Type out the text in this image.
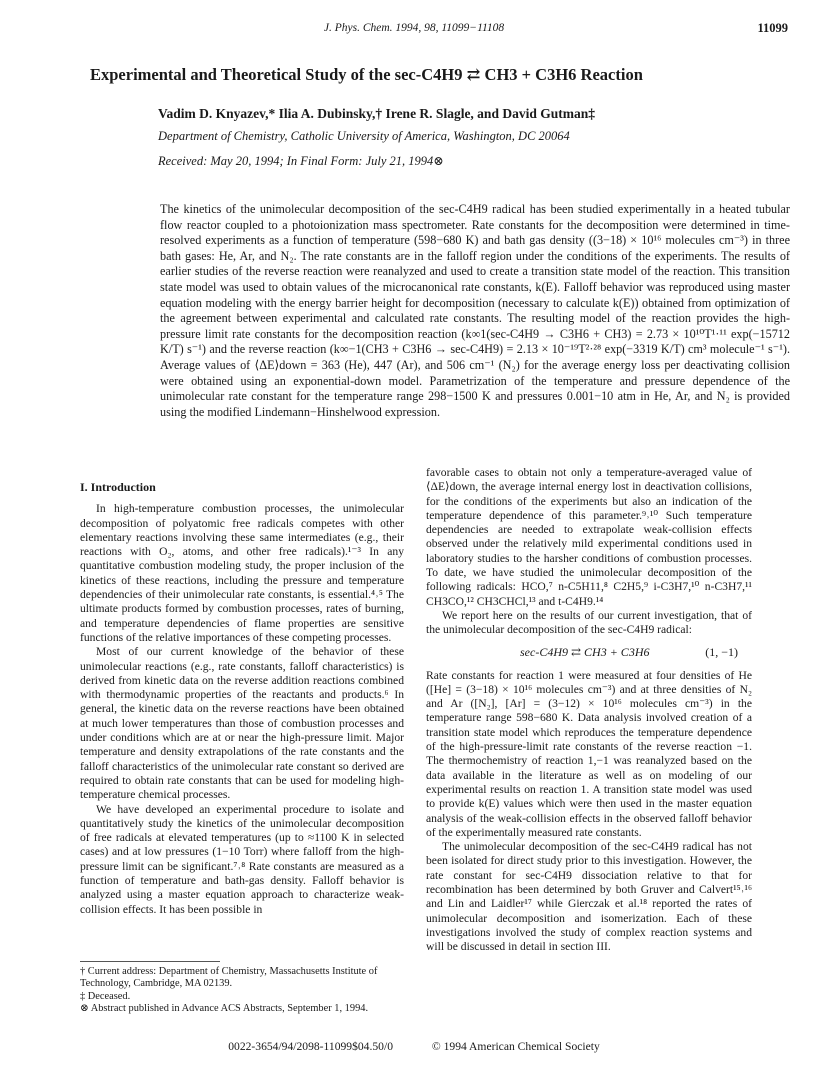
J. Phys. Chem. 1994, 98, 11099−11108	11099
Experimental and Theoretical Study of the sec-C4H9 ⇄ CH3 + C3H6 Reaction
Vadim D. Knyazev,* Ilia A. Dubinsky,† Irene R. Slagle, and David Gutman‡
Department of Chemistry, Catholic University of America, Washington, DC 20064
Received: May 20, 1994; In Final Form: July 21, 1994⊗
The kinetics of the unimolecular decomposition of the sec-C4H9 radical has been studied experimentally in a heated tubular flow reactor coupled to a photoionization mass spectrometer. Rate constants for the decomposition were determined in time-resolved experiments as a function of temperature (598−680 K) and bath gas density ((3−18) × 10¹⁶ molecules cm⁻³) in three bath gases: He, Ar, and N₂. The rate constants are in the falloff region under the conditions of the experiments. The results of earlier studies of the reverse reaction were reanalyzed and used to create a transition state model of the reaction. This transition state model was used to obtain values of the microcanonical rate constants, k(E). Falloff behavior was reproduced using master equation modeling with the energy barrier height for decomposition (necessary to calculate k(E)) obtained from optimization of the agreement between experimental and calculated rate constants. The resulting model of the reaction provides the high-pressure limit rate constants for the decomposition reaction (k∞1(sec-C4H9 → C3H6 + CH3) = 2.73 × 10¹⁰T¹·¹¹ exp(−15712 K/T) s⁻¹) and the reverse reaction (k∞−1(CH3 + C3H6 → sec-C4H9) = 2.13 × 10⁻¹⁹T²·²⁸ exp(−3319 K/T) cm³ molecule⁻¹ s⁻¹). Average values of ⟨ΔE⟩down = 363 (He), 447 (Ar), and 506 cm⁻¹ (N₂) for the average energy loss per deactivating collision were obtained using an exponential-down model. Parametrization of the temperature and pressure dependence of the unimolecular rate constant for the temperature range 298−1500 K and pressures 0.001−10 atm in He, Ar, and N₂ is provided using the modified Lindemann−Hinshelwood expression.
I. Introduction

In high-temperature combustion processes, the unimolecular decomposition of polyatomic free radicals competes with other elementary reactions involving these same intermediates (e.g., their reactions with O₂, atoms, and other free radicals).¹⁻³ In any quantitative combustion modeling study, the proper inclusion of the kinetics of these reactions, including the pressure and temperature dependencies of their unimolecular rate constants, is essential.⁴˒⁵ The ultimate products formed by combustion processes, rates of burning, and temperature dependencies of flame properties are sensitive functions of the relative importances of these competing processes.

Most of our current knowledge of the behavior of these unimolecular reactions (e.g., rate constants, falloff characteristics) is derived from kinetic data on the reverse addition reactions combined with thermodynamic properties of the reactants and products.⁶ In general, the kinetic data on the reverse reactions have been obtained at much lower temperatures than those of combustion processes and under conditions which are at or near the high-pressure limit. Major temperature and density extrapolations of the rate constants and the falloff characteristics of the unimolecular rate constant so derived are required to obtain rate constants that can be used for modeling high-temperature chemical processes.

We have developed an experimental procedure to isolate and quantitatively study the kinetics of the unimolecular decomposition of free radicals at elevated temperatures (up to ≈1100 K in selected cases) and at low pressures (1−10 Torr) where falloff from the high-pressure limit can be significant.⁷˒⁸ Rate constants are measured as a function of temperature and bath-gas density. Falloff behavior is analyzed using a master equation approach to characterize weak-collision effects. It has been possible in

favorable cases to obtain not only a temperature-averaged value of ⟨ΔE⟩down, the average internal energy lost in deactivation collisions, for the conditions of the experiments but also an indication of the temperature dependence of this parameter.⁹˒¹⁰ Such temperature dependencies are needed to extrapolate weak-collision effects observed under the relatively mild experimental conditions used in laboratory studies to the harsher conditions of combustion processes. To date, we have studied the unimolecular decomposition of the following radicals: HCO,⁷ n-C5H11,⁸ C2H5,⁹ i-C3H7,¹⁰ n-C3H7,¹¹ CH3CO,¹² CH3CHCl,¹³ and t-C4H9.¹⁴

We report here on the results of our current investigation, that of the unimolecular decomposition of the sec-C4H9 radical:

sec-C4H9 ⇄ CH3 + C3H6	(1, −1)

Rate constants for reaction 1 were measured at four densities of He ([He] = (3−18) × 10¹⁶ molecules cm⁻³) and at three densities of N₂ and Ar ([N₂], [Ar] = (3−12) × 10¹⁶ molecules cm⁻³) in the temperature range 598−680 K. Data analysis involved creation of a transition state model which reproduces the temperature dependence of the high-pressure-limit rate constants of the reverse reaction −1. The thermochemistry of reaction 1,−1 was reanalyzed based on the data available in the literature as well as on modeling of our experimental results on reaction 1. A transition state model was used to provide k(E) values which were then used in the master equation analysis of the weak-collision effects in the observed falloff behavior of the experimentally measured rate constants.

The unimolecular decomposition of the sec-C4H9 radical has not been isolated for direct study prior to this investigation. However, the rate constant for sec-C4H9 dissociation relative to that for recombination has been determined by both Gruver and Calvert¹⁵˒¹⁶ and Lin and Laidler¹⁷ while Gierczak et al.¹⁸ reported the rates of unimolecular decomposition and isomerization. Each of these investigations involved the study of complex reaction systems and will be discussed in detail in section III.

† Current address: Department of Chemistry, Massachusetts Institute of Technology, Cambridge, MA 02139.
‡ Deceased.
⊗ Abstract published in Advance ACS Abstracts, September 1, 1994.
0022-3654/94/2098-11099$04.50/0	© 1994 American Chemical Society
